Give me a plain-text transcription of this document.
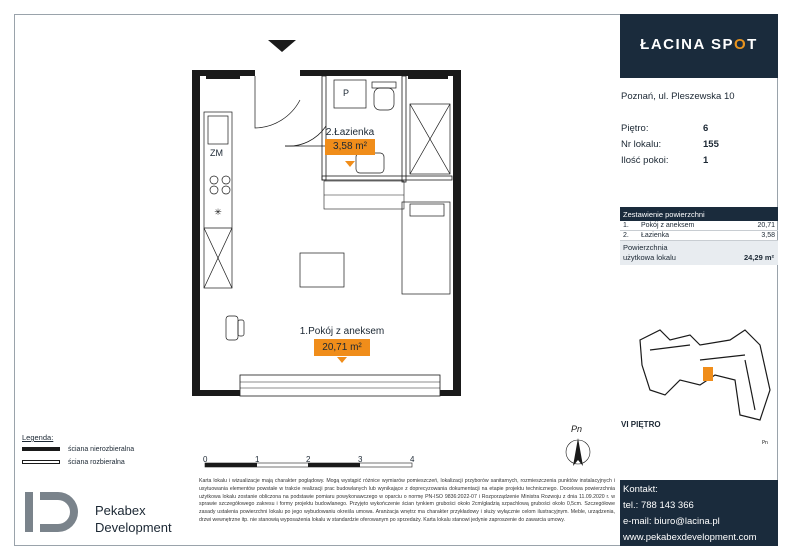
✳
Pn
Pn
2.Łazienka
3,58 m²
1.Pokój z aneksem
20,71 m²
P
ZM
Legenda:
ściana nierozbieralna
ściana rozbieralna	0	1	2	3	4
Pekabex
Development
Karta lokalu i wizualizacje mają charakter poglądowy. Mogą wystąpić różnice wymiarów pomieszczeń, lokalizacji przyborów sanitarnych, rozmieszczenia punktów instalacyjnych i usytuowania elementów powstałe w trakcie realizacji prac budowlanych lub wynikające z doprecyzowania dokumentacji na etapie projektu technicznego. Docelowa powierzchnia użytkowa lokalu zostanie obliczona na podstawie pomiaru powykonawczego w oparciu o normę PN-ISO 9836:2022-07 i Rozporządzenie Ministra Rozwoju z dnia 11.09.2020 r. w sprawie szczegółowego zakresu i formy projektu budowlanego. Przyjęto wykończenie ścian tynkiem grubości około 2cm/gładzią szpachlową grubości około 0,5cm. Szczegółowe zasady ustalenia powierzchni lokalu po jego wybudowaniu określa umowa. Aranżacja wnętrz ma charakter przykładowy i służy wyłącznie celom ilustracyjnym. Meble, urządzenia, drzwi wewnętrzne itp. nie stanowią wyposażenia lokalu w standardzie oferowanym po sprzedaży. Karta lokalu stanowi jedynie zaproszenie do zawarcia umowy.
ŁACINA SPOT
Poznań, ul. Pleszewska 10
Piętro:	6
Nr lokalu:	155
Ilość pokoi:	1
Zestawienie powierzchni
1.	Pokój z aneksem	20,71
2.	Łazienka	3,58
Powierzchnia
użytkowa lokalu	24,29 m²
VI PIĘTRO
Kontakt:
tel.: 788 143 366
e-mail: biuro@lacina.pl
www.pekabexdevelopment.com
